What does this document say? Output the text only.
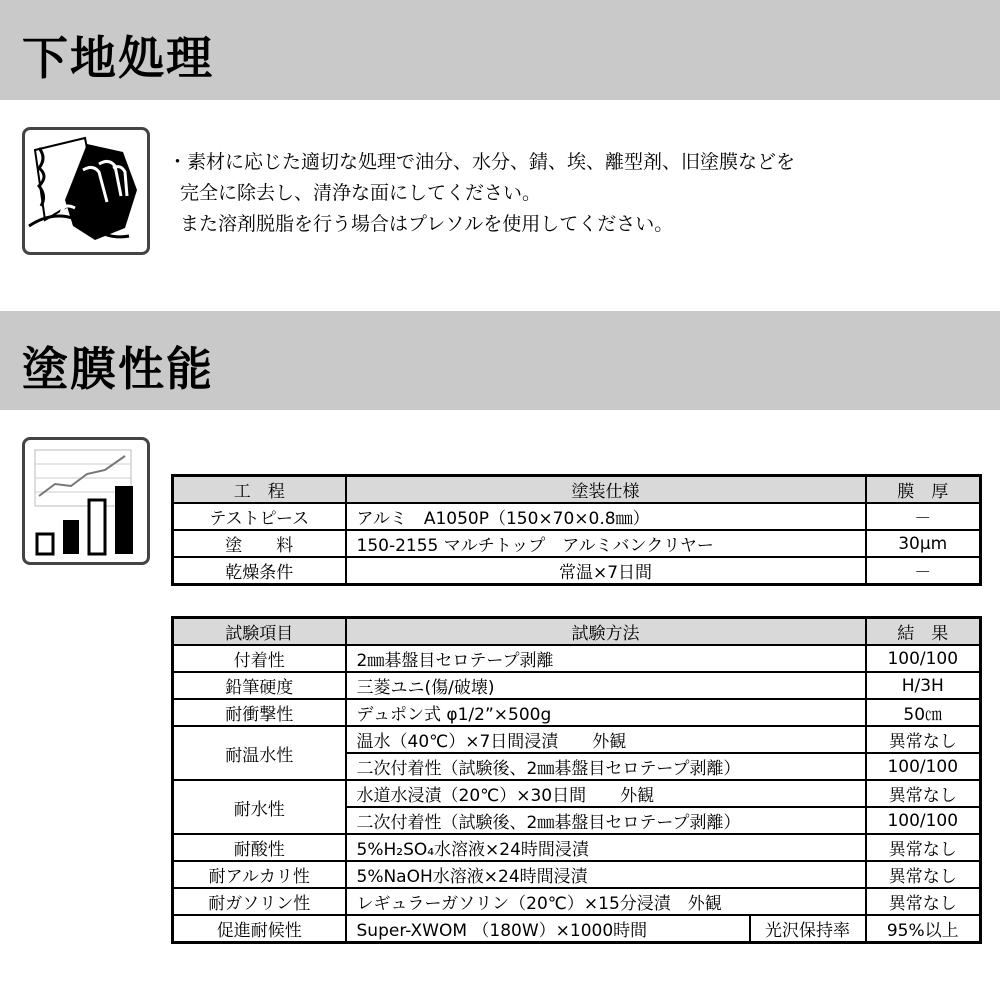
下地処理
・素材に応じた適切な処理で油分、水分、錆、埃、離型剤、旧塗膜などを
完全に除去し、清浄な面にしてください。
また溶剤脱脂を行う場合はプレソルを使用してください。
塗膜性能
工　程	塗装仕様	膜　厚
テストピース	アルミ　A1050P（150×70×0.8㎜）	－
塗　　料	150-2155 マルチトップ　アルミバンクリヤー	30μm
乾燥条件	常温×7日間	－
試験項目	試験方法		結　果
付着性	2㎜碁盤目セロテープ剥離		100/100
鉛筆硬度	三菱ユニ(傷/破壊)		H/3H
耐衝撃性	デュポン式 φ1/2”×500g		50㎝
耐温水性	温水（40℃）×7日間浸漬　　外観		異常なし
	二次付着性（試験後、2㎜碁盤目セロテープ剥離）		100/100
耐水性	水道水浸漬（20℃）×30日間　　外観		異常なし
	二次付着性（試験後、2㎜碁盤目セロテープ剥離）		100/100
耐酸性	5%H₂SO₄水溶液×24時間浸漬		異常なし
耐アルカリ性	5%NaOH水溶液×24時間浸漬		異常なし
耐ガソリン性	レギュラーガソリン（20℃）×15分浸漬　外観		異常なし
促進耐候性	Super-XWOM （180W）×1000時間	光沢保持率	95%以上
